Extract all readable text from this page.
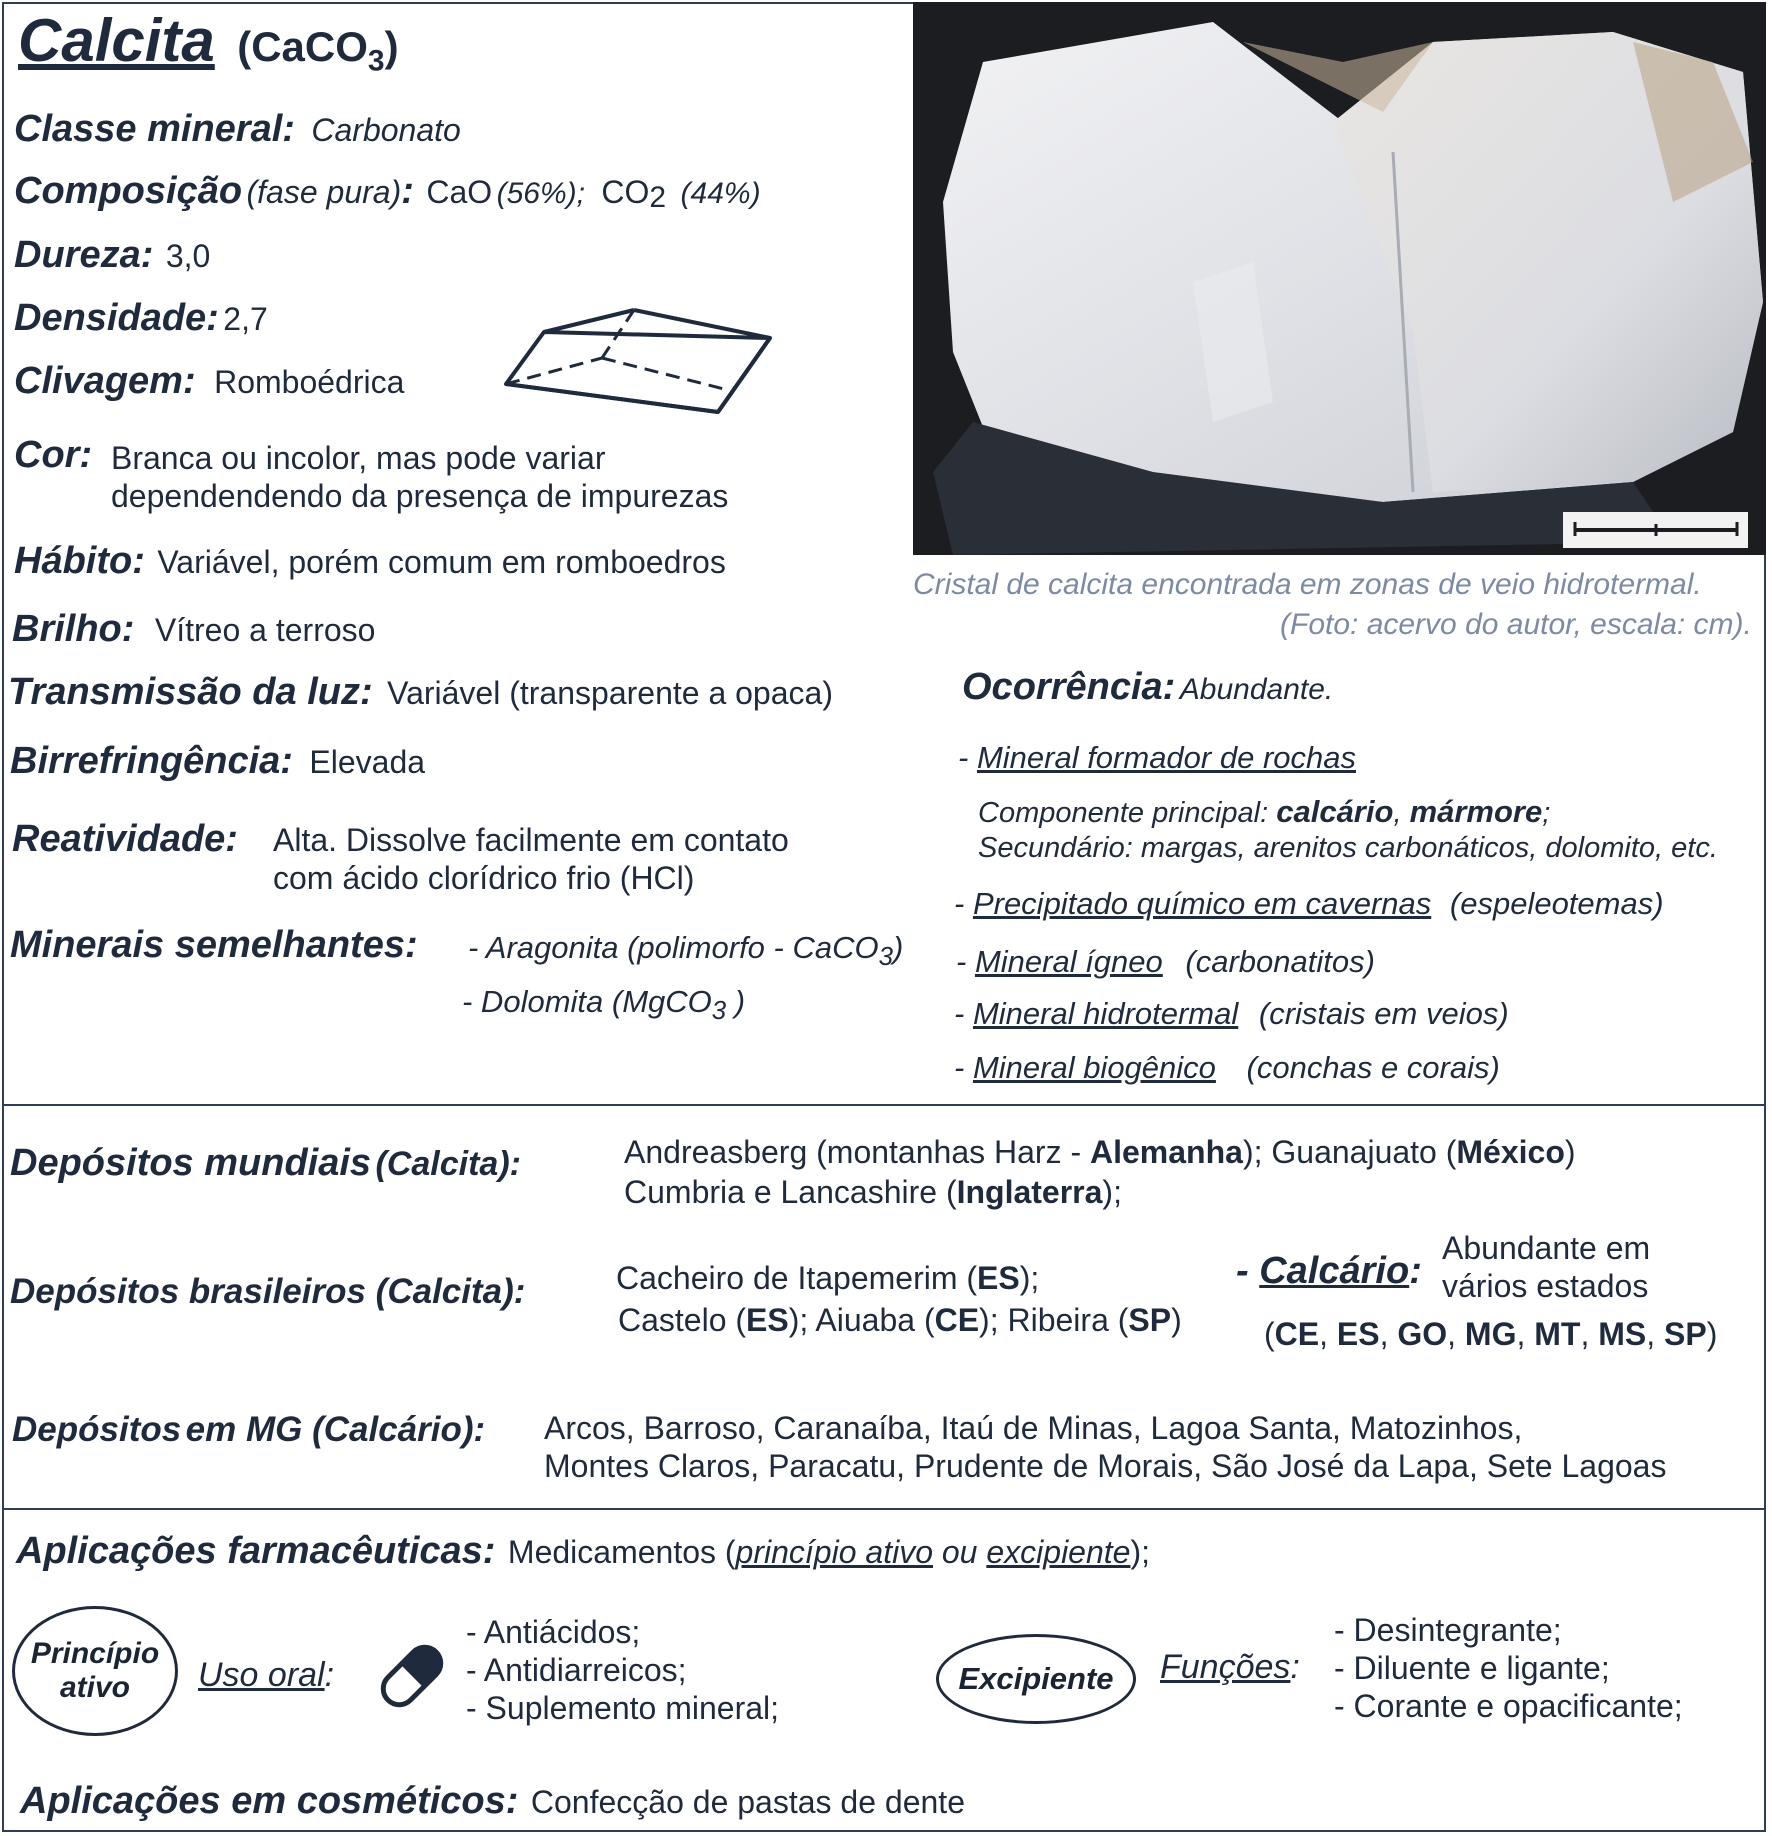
Calcita (CaCO$_3$)
Classe mineral: Carbonato
Composição (fase pura): CaO (56%); $CO_2$ (44%)
Dureza: 3,0
Densidade: 2,7
Clivagem: Romboédrica
Cor: Branca ou incolor, mas pode variar
dependendendo da presença de impurezas
Hábito: Variável, porém comum em romboedros
Brilho: Vítreo a terroso
Transmissão da luz: Variável (transparente a opaca)
Birrefringência: Elevada
Reatividade: Alta. Dissolve facilmente em contato
com ácido clorídrico frio (HCl)
Minerais semelhantes: - Aragonita (polimorfo - CaCO$_3$)
- Dolomita (MgCO$_3$ )
Cristal de calcita encontrada em zonas de veio hidrotermal.
(Foto: acervo do autor, escala: cm).
Ocorrência: Abundante.
- Mineral formador de rochas
Componente principal: calcário, mármore;
Secundário: margas, arenitos carbonáticos, dolomito, etc.
- Precipitado químico em cavernas (espeleotemas)
- Mineral ígneo (carbonatitos)
- Mineral hidrotermal (cristais em veios)
- Mineral biogênico (conchas e corais)
Depósitos mundiais (Calcita):	Andreasberg (montanhas Harz - Alemanha); Guanajuato (México)
Cumbria e Lancashire (Inglaterra);
Depósitos brasileiros (Calcita):	Cacheiro de Itapemerim (ES);
Castelo (ES); Aiuaba (CE); Ribeira (SP)
- Calcário:
Abundante em
vários estados
(CE, ES, GO, MG, MT, MS, SP)
Depósitos em MG (Calcário): Arcos, Barroso, Caranaíba, Itaú de Minas, Lagoa Santa, Matozinhos,
Montes Claros, Paracatu, Prudente de Morais, São José da Lapa, Sete Lagoas
Aplicações farmacêuticas: Medicamentos (princípio ativo ou excipiente);
Princípio
ativo	Uso oral:
- Antiácidos;
- Antidiarreicos;
- Suplemento mineral;
Excipiente Funções:
- Desintegrante;
- Diluente e ligante;
- Corante e opacificante;
Aplicações em cosméticos: Confecção de pastas de dente
